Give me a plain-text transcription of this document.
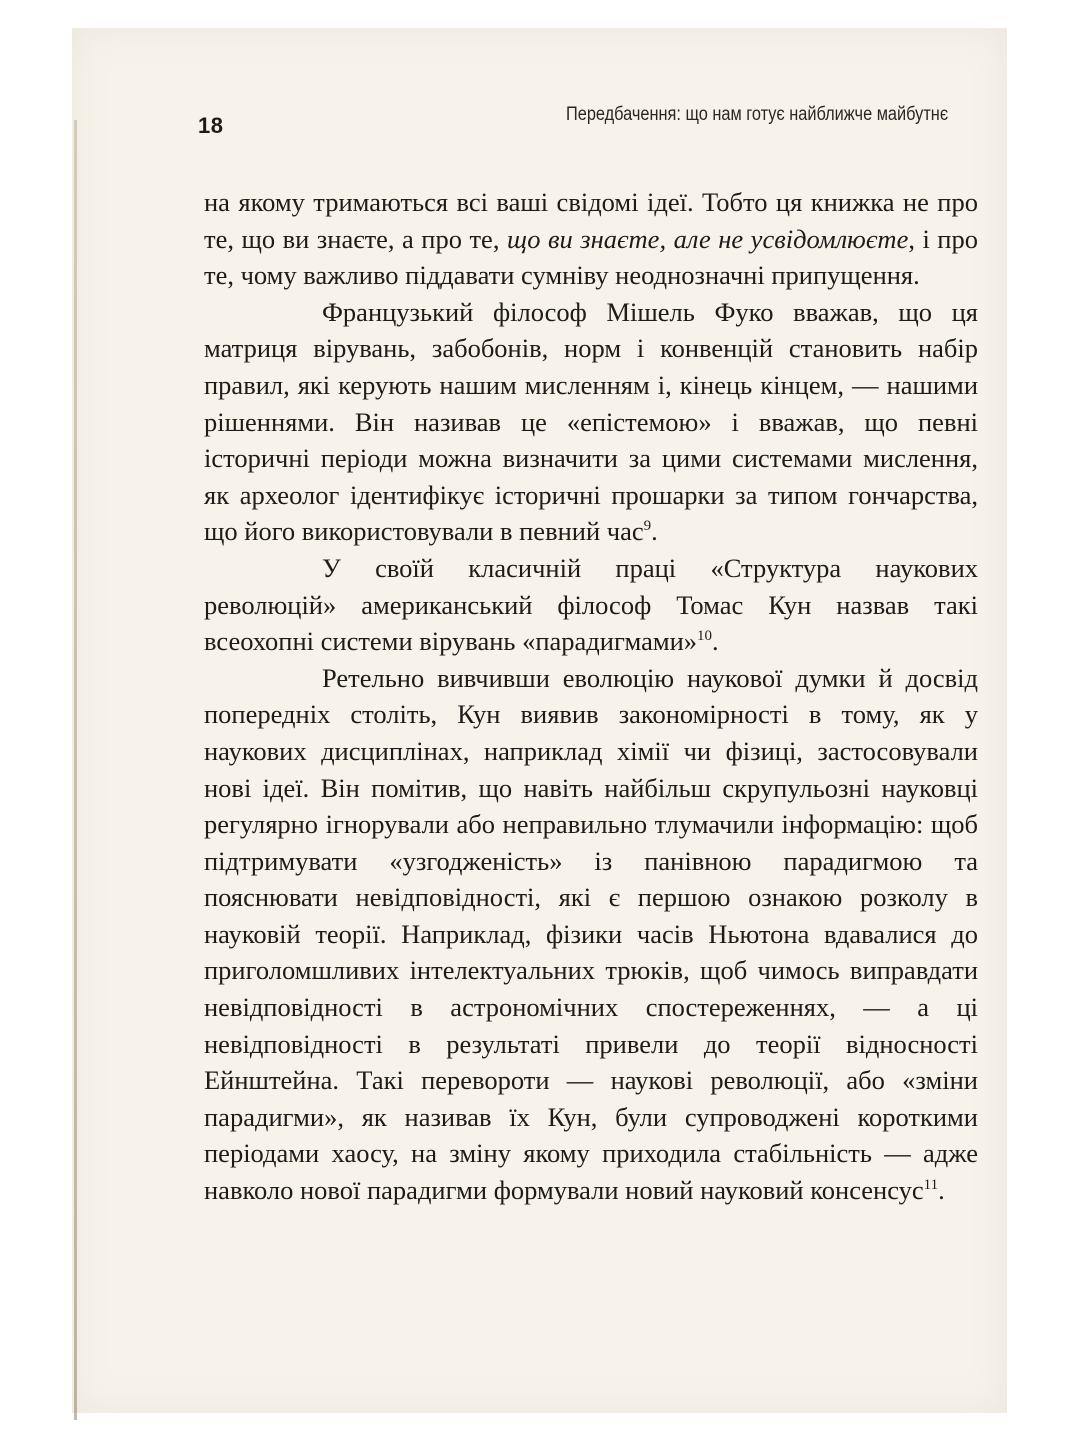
18	Передбачення: що нам готує найближче майбутнє

на якому тримаються всі ваші свідомі ідеї. Тобто ця книжка не про те, що ви знаєте, а про те, що ви знаєте, але не усвідомлюєте, і про те, чому важливо піддавати сумніву неоднозначні припущення.

Французький філософ Мішель Фуко вважав, що ця матриця вірувань, забобонів, норм і конвенцій становить набір правил, які керують нашим мисленням і, кінець кінцем, — нашими рішеннями. Він називав це «епістемою» і вважав, що певні історичні періоди можна визначити за цими системами мислення, як археолог ідентифікує історичні прошарки за типом гончарства, що його використовували в певний час$^9$.

У своїй класичній праці «Структура наукових революцій» американський філософ Томас Кун назвав такі всеохопні системи вірувань «парадигмами»$^{10}$.

Ретельно вивчивши еволюцію наукової думки й досвід попередніх століть, Кун виявив закономірності в тому, як у наукових дисциплінах, наприклад хімії чи фізиці, застосовували нові ідеї. Він помітив, що навіть найбільш скрупульозні науковці регулярно ігнорували або неправильно тлумачили інформацію: щоб підтримувати «узгодженість» із панівною парадигмою та пояснювати невідповідності, які є першою ознакою розколу в науковій теорії. Наприклад, фізики часів Ньютона вдавалися до приголомшливих інтелектуальних трюків, щоб чимось виправдати невідповідності в астрономічних спостереженнях, — а ці невідповідності в результаті привели до теорії відносності Ейнштейна. Такі перевороти — наукові революції, або «зміни парадигми», як називав їх Кун, були супроводжені короткими періодами хаосу, на зміну якому приходила стабільність — адже навколо нової парадигми формували новий науковий консенсус$^{11}$.
